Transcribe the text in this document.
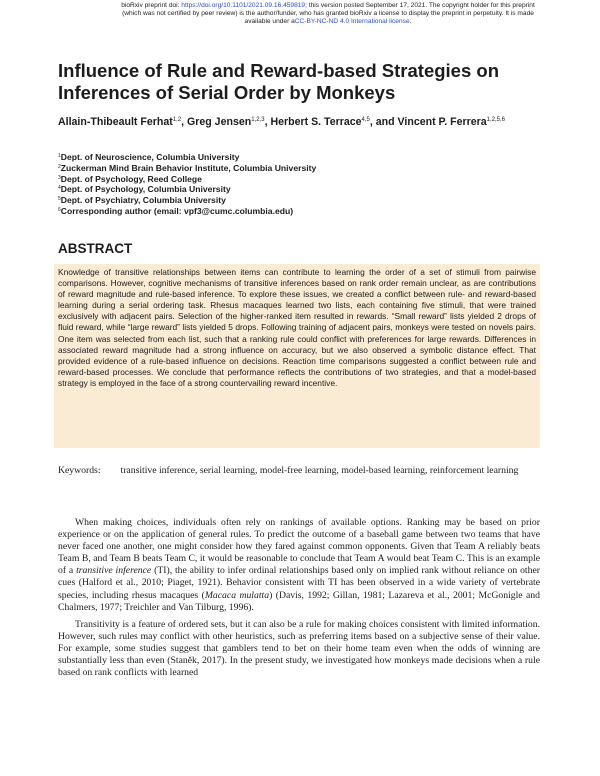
bioRxiv preprint doi: https://doi.org/10.1101/2021.09.16.459819; this version posted September 17, 2021. The copyright holder for this preprint
(which was not certified by peer review) is the author/funder, who has granted bioRxiv a license to display the preprint in perpetuity. It is made
available under aCC-BY-NC-ND 4.0 International license.
Influence of Rule and Reward-based Strategies on Inferences of Serial Order by Monkeys
Allain-Thibeault Ferhat$^{1,2}$, Greg Jensen$^{1,2,3}$, Herbert S. Terrace$^{4,5}$, and Vincent P. Ferrera$^{1,2,5,6}$
$^1$Dept. of Neuroscience, Columbia University
$^2$Zuckerman Mind Brain Behavior Institute, Columbia University
$^3$Dept. of Psychology, Reed College
$^4$Dept. of Psychology, Columbia University
$^5$Dept. of Psychiatry, Columbia University
$^6$Corresponding author (email: vpf3@cumc.columbia.edu)
ABSTRACT
Knowledge of transitive relationships between items can contribute to learning the order of a set of stimuli from pairwise comparisons. However, cognitive mechanisms of transitive inferences based on rank order remain unclear, as are contributions of reward magnitude and rule-based inference. To explore these issues, we created a conflict between rule- and reward-based learning during a serial ordering task. Rhesus macaques learned two lists, each containing five stimuli, that were trained exclusively with adjacent pairs. Selection of the higher-ranked item resulted in rewards. “Small reward” lists yielded 2 drops of fluid reward, while “large reward” lists yielded 5 drops. Following training of adjacent pairs, monkeys were tested on novels pairs. One item was selected from each list, such that a ranking rule could conflict with preferences for large rewards. Differences in associated reward magnitude had a strong influence on accuracy, but we also observed a symbolic distance effect. That provided evidence of a rule-based influence on decisions. Reaction time comparisons suggested a conflict between rule and reward-based processes. We conclude that performance reflects the contributions of two strategies, and that a model-based strategy is employed in the face of a strong countervailing reward incentive.
Keywords: transitive inference, serial learning, model-free learning, model-based learning, reinforcement learning

When making choices, individuals often rely on rankings of available options. Ranking may be based on prior experience or on the application of general rules. To predict the outcome of a baseball game between two teams that have never faced one another, one might consider how they fared against common opponents. Given that Team A reliably beats Team B, and Team B beats Team C, it would be reasonable to conclude that Team A would beat Team C. This is an example of a transitive inference (TI), the ability to infer ordinal relationships based only on implied rank without reliance on other cues (Halford et al., 2010; Piaget, 1921). Behavior consistent with TI has been observed in a wide variety of vertebrate species, including rhesus macaques (Macaca mulatta) (Davis, 1992; Gillan, 1981; Lazareva et al., 2001; McGonigle and Chalmers, 1977; Treichler and Van Tilburg, 1996).

Transitivity is a feature of ordered sets, but it can also be a rule for making choices consistent with limited information. However, such rules may conflict with other heuristics, such as preferring items based on a subjective sense of their value. For example, some studies suggest that gamblers tend to bet on their home team even when the odds of winning are substantially less than even (Staněk, 2017). In the present study, we investigated how monkeys made decisions when a rule based on rank conflicts with learned
